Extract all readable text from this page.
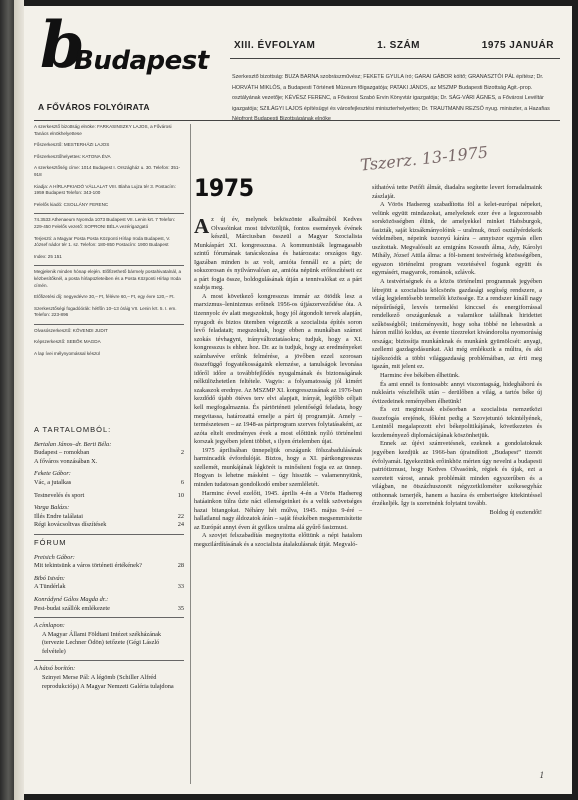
b
Budapest
A FŐVÁROS FOLYÓIRATA
XIII. ÉVFOLYAM	1. SZÁM	1975 JANUÁR
Szerkesztő bizottság: BUZA BARNA szobrászművész; FEKETE GYULA író; GARAI GÁBOR költő; GRANASZTÓI PÁL építész; Dr. HORVÁTH MIKLÓS, a Budapesti Történeti Múzeum főigazgatója; PATAKI JÁNOS, az MSZMP Budapesti Bizottság Agit.-prop. osztályának vezetője; KÉVÉSZ FERENC, a Fővárosi Szabó Ervin Könyvtár igazgatója; Dr. SÁG-VÁRI ÁGNES, a Fővárosi Levéltár igazgatója; SZILÁGYI LAJOS építésügyi és városfejlesztési miniszterhelyettes; Dr. TRAUTMANN REZSŐ nyug. miniszter, a Hazafias

A szerkesztő bizottság elnöke: FARKASINSZKY LAJOS, a Fővárosi Tanács elnökhelyettese

Főszerkesztő: MESTERHÁZI LAJOS

Főszerkesztőhelyettes: KATONA ÉVA

A szerkesztőség címe: 1014 Budapest I. Országház u. 30. Telefon: 351-918

Kiadja: A HÍRLAPKIADÓ VÁLLALAT VIII. Blaha Lujza tér 3. Postacím: 1959 Budapest Telefon: 343-100

Felelős kiadó: CSOLLÁNY FERENC

74.3533 Athenaeum Nyomda 1073 Budapest VII. Lenin krt. 7 Telefon: 229-450 Felelős vezető: SOPRONI BÉLA vezérigazgató

Terjeszti: a Magyar Posta Posta Központi Hírlap Iroda Budapest, V. József nádor tér 1. sz. Telefon: 180-850 Postacím: 1900 Budapest

Index: 25 151

Megjelenik minden hónap elején. Előfizethető bármely postahivatalnál, a kézbesítőknél, a posta hírlapüzleteiben és a Posta Központi Hírlap Iroda címén.

Előfizetési díj: negyedévre 30,– Ft, félévre 60,– Ft, egy évre 120,– Ft.

Szerkesztőségi fogadóórák: hétfőn 10–13 óráig VII. Lenin krt. 5. I. em. Telefon: 223-896

Olvasószerkesztő: KÖVENDI JUDIT

Képszerkesztő: SEBŐK MAGDA

A lap ívei mélynyomással készül

A TARTALOMBÓL:
Bertalan János–dr. Berti Béla:
Budapest – romokban	2
A főváros vonzásában X.
Fekete Gábor:
Vác, a jutalkas	6
Testnevelés és sport	10
Varga Balázs:
Illés Endre találatai	22
Régi kovácsoltvas díszítések	24
FÓRUM
Preisich Gábor:
Mit tekintsünk a város történeti értékének?	28
Bibó István:
A Tündérlak	33
Konrádyné Gálos Magda dr.:
Pest-budai szállók emlékezete	35
A címlapon:
A Magyar Állami Földtani Intézet székházának (tervezte Lechner Ödön) tetőzete (Gégi László felvétele)
A hátsó borítón:
Szinyei Merse Pál: A légömb (Schiller Alfréd reprodukciója) A Magyar Nemzeti Galéria tulajdona
1975
Tszerz. 13-1975

Az új év, melynek beköszönte alkalmából Kedves Olvasóinkat most üdvözöljük, fontos események évének készül, Márciusban összeül a Magyar Szocialista Munkáspárt XI. kongresszusa. A kommunisták legmagasabb szintű fórumának tanácskozása és határozata: országos ügy. Igazában minden is az volt, amióta fennáll ez a párt; de sokszorosan és nyilvánvalóan az, amióta népünk erőfeszítéseit ez a párt fogja össze, boldogulásának útján a tennivalókat ez a párt szabja meg.

A most következő kongresszus immár az ötödik lesz a marxizmus–leninizmus erőinek 1956-os újjászerveződése óta. A tizennyolc év alatt megszoktuk, hogy jól átgondolt tervek alapján, nyugodt és biztos ütemben végezzük a szocialista építés soron levő feladatait; megszoktuk, hogy ebben a munkában számot szokás tévhagyni, irányváltoztatásokra; tudjuk, hogy a XI. kongresszus is ehhez hoz. Dr. az is tudjuk, hogy az eredményeket számbavéve erőink felmérése, a jövőben ezzel szorosan összefüggő fogyatékosságaink elemzése, a tanulságok levonása időről időre a továbbfejlődés nyugalmának és biztonságának nélkülözhetetlen feltétele. Vagyis: a folyamatosság jól kimért szakaszok erednye. Az MSZMP XI. kongresszusának az 1976-ban kezdődő újabb ötéves terv elvi alapjait, irányát, legfőbb céljait kell megfogalmaznia. És pártörténeti jelentőségű feladata, hogy megvitassa, határozattá emelje a párt új programját. Amely – természetesen – az 1948-as pártprogram szerves folytatásaként, az azóta eltelt eredményes évek a most előttünk nyíló történelmi korszak jegyében jelent többet, s ilyen értelemben újat.

1975 áprilisában ünnepeljük országunk fölszabadulásának harmincadik évfordulóját. Biztos, hogy a XI. pártkongresszus szellemét, munkájának légkörét is minősíteni fogja ez az ünnep. Hogyan is lehetne másként – úgy hisszük – valamennyiünk, minden tudatosan gondolkodó ember szemléletét.

Harminc évvel ezelőtt, 1945. április 4-én a Vörös Hadsereg hatáainkon túlra űzte náci ellenségeinket és a velük szövetséges hazai bitangokat. Néhány hét múlva, 1945. május 9-éré – hallatlanul nagy áldozatok árán – saját fészkében megsemmisítette az Európát annyi éven át gyilkos uralma alá gyűrő fasizmust.

A szovjet felszabadítás megnyitotta előttünk a népi hatalom megszilárdításának és a szocialista átalakulásnak útját. Megvaló-

síthatóvá tette Petőfi álmát, diadalra segítette levert forradalmaink zászlaját.

A Vörös Hadsereg szabadította föl a kelet-európai népeket, velünk együtt mindazokat, amelyeknek ezer éve a legszorosabb sorsközösségben élünk, de amelyekkel minket Habsburgok, fasizták, saját kizsákmányolóink – uralmuk, önző osztályérdekeik védelmében, népeink tszonyú kárára – annyiszor egymás ellen uszítottak. Megvalósult az emigráns Kossuth álma, Ady, Károlyi Mihály, József Attila álma: a föl-isment testvériség közösségében, egyazon történelmi program vezetésével fogunk együtt és egymásért, magyarok, románok, szlávok.

A testvériségnek és a közös történelmi programnak jegyében létrejött a szocialista kölcsönös gazdasági segítség rendszere, a világ legjelentősebb termelői közössége. Ez a rendszer kínáll nagy népsűrűségű, lexvés termelési kinccsel és energiforrással rendelkező országunknak a valamikor találhnak hiridettet szűkösségből; intézményesíti, hogy soha többé ne lehessünk a háron millió koldus, az évente tízezreket kivándorolta nyomorúság országa; biztosítja munkánknak és munkánk gyümölcsét: anyagi, szellemi gazdagodásunkat. Aki még emlékszik a múltra, és aki tájékozódik a többi világgazdaság problémáiban, az érti meg igazán, mit jelent ez.

Harminc éve békében élhetünk.

És ami ennél is fontosabb: annyi viszontagság, hidegháború és nukleáris vészfelhők után – derülőben a világ, a tartós béke új évtizedeinek reményében élhetünk!

És ezt megintcsak elsősorban a szocialista nemzetközi összefogás erejének, főként pedig a Szovjetunió tekintélyének, Lenintől megalapozott elvi békepolitikájának, következetes és kezdeményező diplomáciájának köszönhetjük.

Ennek az újévi számvetésnek, ezeknek a gondolatoknak jegyében kezdjük az 1966-ban újraindított „Budapest” tizenöt évfolyamát. Igyekeztünk erőinkhöz mérten úgy nevelni a budapesti patriótizmust, hogy Kedves Olvasóink, régiek és újak, ezt a szeretett várost, annak problémáit minden egyszerűben és a világban, ne ötszázhuszonöt négyzetkilométer székesegyház otthonnak ismerjék, hanem a hazára és emberiségre kitekintéssel érzékeljék. Így is szeretnénk folytatni tovább.

Boldog új esztendőt!

1
